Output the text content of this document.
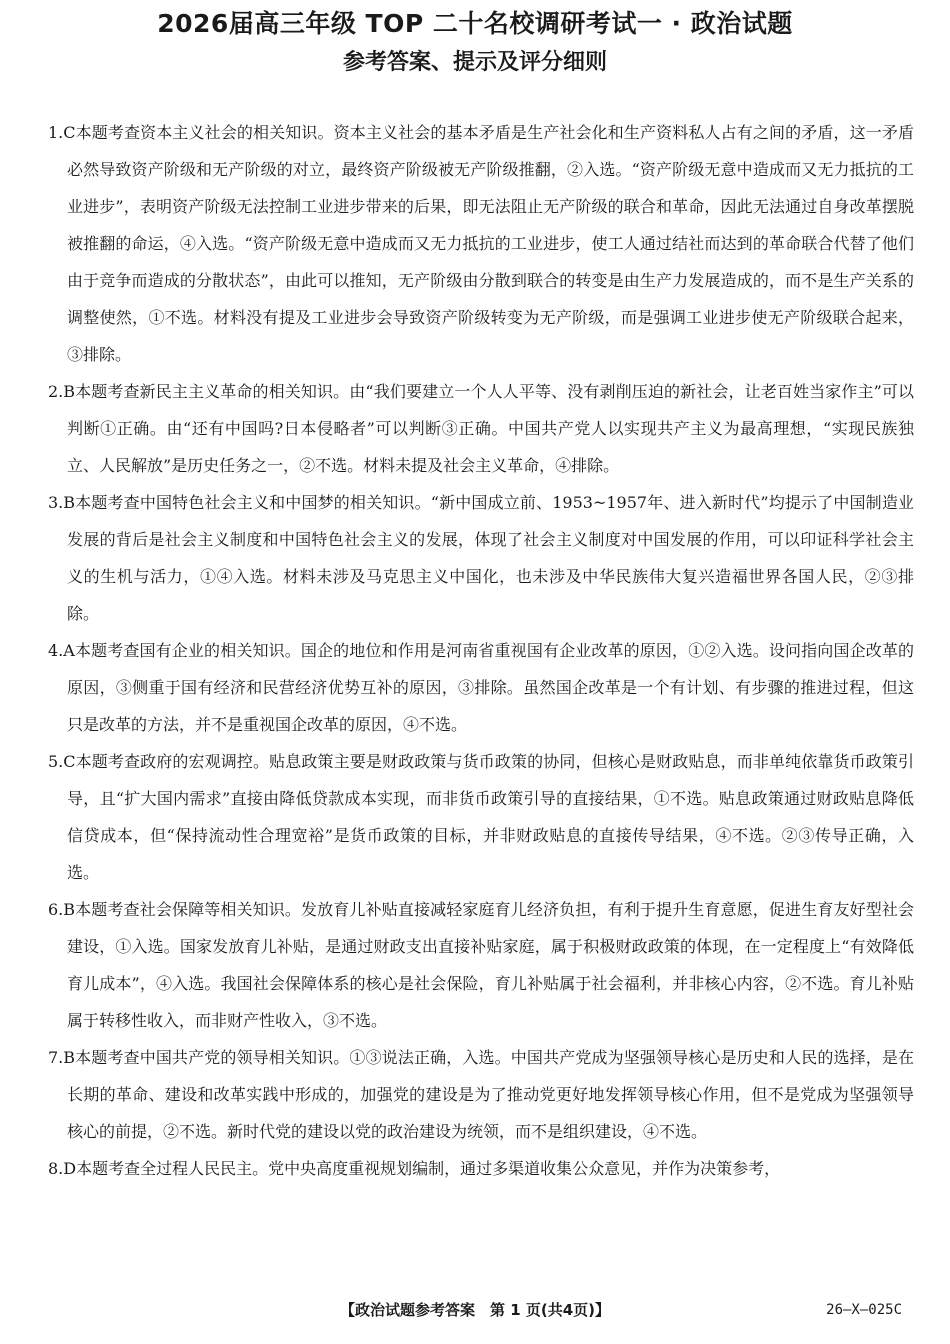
2026届高三年级 TOP 二十名校调研考试一 · 政治试题
参考答案、提示及评分细则

1.C本题考查资本主义社会的相关知识。资本主义社会的基本矛盾是生产社会化和生产资料私人占有之间的矛盾，这一矛盾必然导致资产阶级和无产阶级的对立，最终资产阶级被无产阶级推翻，②入选。“资产阶级无意中造成而又无力抵抗的工业进步”，表明资产阶级无法控制工业进步带来的后果，即无法阻止无产阶级的联合和革命，因此无法通过自身改革摆脱被推翻的命运，④入选。“资产阶级无意中造成而又无力抵抗的工业进步，使工人通过结社而达到的革命联合代替了他们由于竞争而造成的分散状态”，由此可以推知，无产阶级由分散到联合的转变是由生产力发展造成的，而不是生产关系的调整使然，①不选。材料没有提及工业进步会导致资产阶级转变为无产阶级，而是强调工业进步使无产阶级联合起来，③排除。

2.B本题考查新民主主义革命的相关知识。由“我们要建立一个人人平等、没有剥削压迫的新社会，让老百姓当家作主”可以判断①正确。由“还有中国吗?日本侵略者”可以判断③正确。中国共产党人以实现共产主义为最高理想，“实现民族独立、人民解放”是历史任务之一，②不选。材料未提及社会主义革命，④排除。

3.B本题考查中国特色社会主义和中国梦的相关知识。“新中国成立前、1953~1957年、进入新时代”均提示了中国制造业发展的背后是社会主义制度和中国特色社会主义的发展，体现了社会主义制度对中国发展的作用，可以印证科学社会主义的生机与活力，①④入选。材料未涉及马克思主义中国化，也未涉及中华民族伟大复兴造福世界各国人民，②③排除。

4.A本题考查国有企业的相关知识。国企的地位和作用是河南省重视国有企业改革的原因，①②入选。设问指向国企改革的原因，③侧重于国有经济和民营经济优势互补的原因，③排除。虽然国企改革是一个有计划、有步骤的推进过程，但这只是改革的方法，并不是重视国企改革的原因，④不选。

5.C本题考查政府的宏观调控。贴息政策主要是财政政策与货币政策的协同，但核心是财政贴息，而非单纯依靠货币政策引导，且“扩大国内需求”直接由降低贷款成本实现，而非货币政策引导的直接结果，①不选。贴息政策通过财政贴息降低信贷成本，但“保持流动性合理宽裕”是货币政策的目标，并非财政贴息的直接传导结果，④不选。②③传导正确，入选。

6.B本题考查社会保障等相关知识。发放育儿补贴直接减轻家庭育儿经济负担，有利于提升生育意愿，促进生育友好型社会建设，①入选。国家发放育儿补贴，是通过财政支出直接补贴家庭，属于积极财政政策的体现，在一定程度上“有效降低育儿成本”，④入选。我国社会保障体系的核心是社会保险，育儿补贴属于社会福利，并非核心内容，②不选。育儿补贴属于转移性收入，而非财产性收入，③不选。

7.B本题考查中国共产党的领导相关知识。①③说法正确，入选。中国共产党成为坚强领导核心是历史和人民的选择，是在长期的革命、建设和改革实践中形成的，加强党的建设是为了推动党更好地发挥领导核心作用，但不是党成为坚强领导核心的前提，②不选。新时代党的建设以党的政治建设为统领，而不是组织建设，④不选。

8.D本题考查全过程人民民主。党中央高度重视规划编制，通过多渠道收集公众意见，并作为决策参考，

【政治试题参考答案　第 1 页(共4页)】	26—X—025C
